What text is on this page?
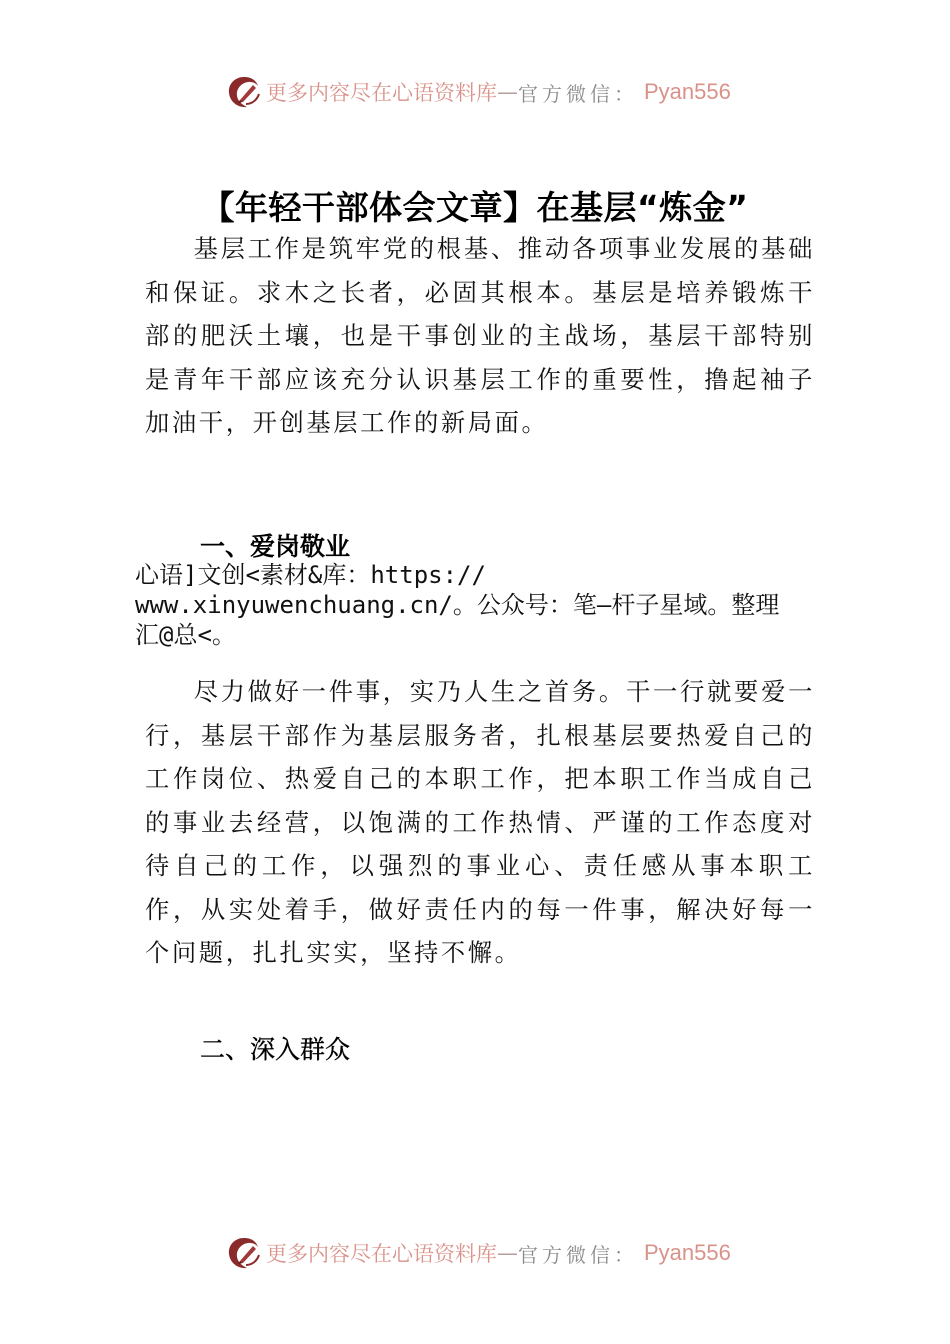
更多内容尽在心语资料库 — 官方微信： Pyan556
【年轻干部体会文章】在基层“炼金”

基层工作是筑牢党的根基、推动各项事业发展的基础和保证。求木之长者，必固其根本。基层是培养锻炼干部的肥沃土壤，也是干事创业的主战场，基层干部特别是青年干部应该充分认识基层工作的重要性，撸起袖子加油干，开创基层工作的新局面。

一、爱岗敬业
心语]文创<素材&库：https://
www.xinyuwenchuang.cn/。公众号：笔—杆子星域。整理
汇@总<。

尽力做好一件事，实乃人生之首务。干一行就要爱一行，基层干部作为基层服务者，扎根基层要热爱自己的工作岗位、热爱自己的本职工作，把本职工作当成自己的事业去经营，以饱满的工作热情、严谨的工作态度对待自己的工作，以强烈的事业心、责任感从事本职工作，从实处着手，做好责任内的每一件事，解决好每一个问题，扎扎实实，坚持不懈。

二、深入群众
更多内容尽在心语资料库 — 官方微信： Pyan556
